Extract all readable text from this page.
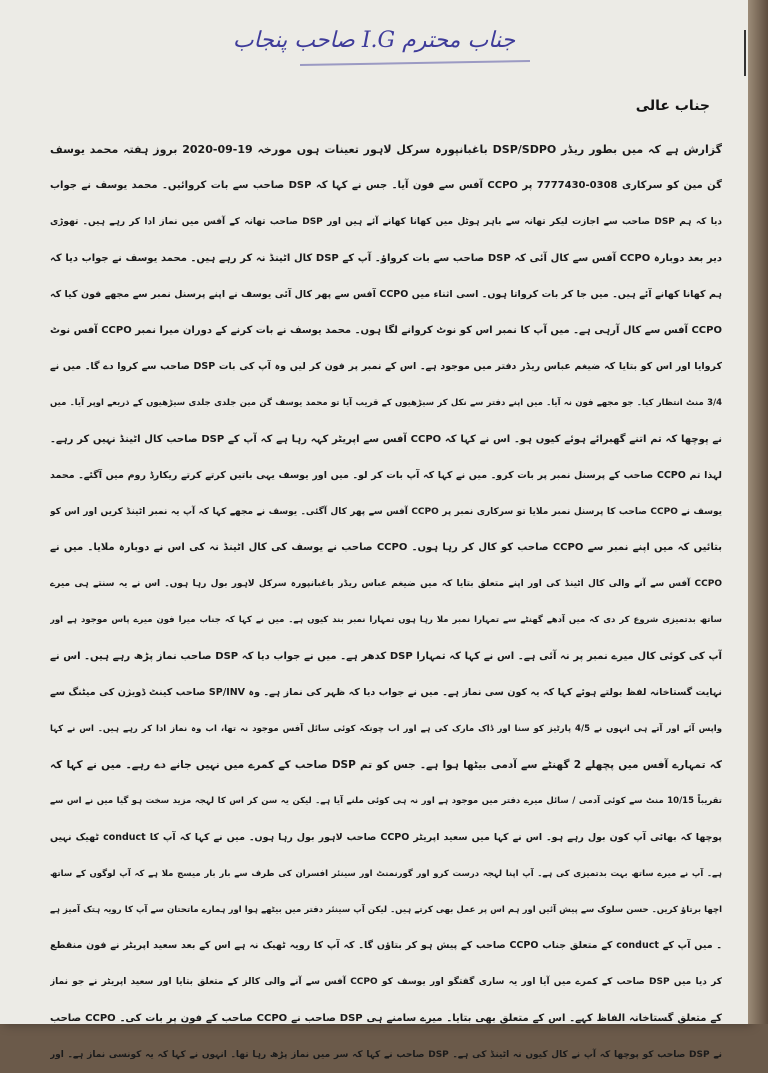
جناب محترم I.G صاحب پنجاب
جناب عالی
گزارش ہے کہ میں بطور ریڈر DSP/SDPO باغبانپورہ سرکل لاہور تعینات ہوں مورخہ 19-09-2020 بروز ہفتہ محمد یوسف
گن مین کو سرکاری 0308-7777430 پر CCPO آفس سے فون آیا۔ جس نے کہا کہ DSP صاحب سے بات کروائیں۔ محمد یوسف نے جواب
دیا کہ ہم DSP صاحب سے اجازت لیکر تھانہ سے باہر ہوٹل میں کھانا کھانے آئے ہیں اور DSP صاحب تھانہ کے آفس میں نماز ادا کر رہے ہیں۔ تھوڑی
دیر بعد دوبارہ CCPO آفس سے کال آئی کہ DSP صاحب سے بات کرواؤ۔ آپ کے DSP کال اٹینڈ نہ کر رہے ہیں۔ محمد یوسف نے جواب دیا کہ
ہم کھانا کھانے آئے ہیں۔ میں جا کر بات کرواتا ہوں۔ اسی اثناء میں CCPO آفس سے پھر کال آئی یوسف نے اپنے پرسنل نمبر سے مجھے فون کیا کہ
CCPO آفس سے کال آرہی ہے۔ میں آپ کا نمبر اس کو نوٹ کروانے لگا ہوں۔ محمد یوسف نے بات کرنے کے دوران میرا نمبر CCPO آفس نوٹ
کروایا اور اس کو بتایا کہ ضیغم عباس ریڈر دفتر میں موجود ہے۔ اس کے نمبر پر فون کر لیں وہ آپ کی بات DSP صاحب سے کروا دے گا۔ میں نے
3/4 منٹ انتظار کیا۔ جو مجھے فون نہ آیا۔ میں اپنے دفتر سے نکل کر سیڑھیوں کے قریب آیا تو محمد یوسف گن مین جلدی جلدی سیڑھیوں کے ذریعے اوپر آیا۔ میں
نے پوچھا کہ تم اتنے گھبرائے ہوئے کیوں ہو۔ اس نے کہا کہ CCPO آفس سے اپریٹر کہہ رہا ہے کہ آپ کے DSP صاحب کال اٹینڈ نہیں کر رہے۔
لہذا تم CCPO صاحب کے پرسنل نمبر پر بات کرو۔ میں نے کہا کہ آپ بات کر لو۔ میں اور یوسف یہی باتیں کرتے کرتے ریکارڈ روم میں آگئے۔ محمد
یوسف نے CCPO صاحب کا پرسنل نمبر ملایا تو سرکاری نمبر پر CCPO آفس سے پھر کال آگئی۔ یوسف نے مجھے کہا کہ آپ یہ نمبر اٹینڈ کریں اور اس کو
بتائیں کہ میں اپنے نمبر سے CCPO صاحب کو کال کر رہا ہوں۔ CCPO صاحب نے یوسف کی کال اٹینڈ نہ کی اس نے دوبارہ ملایا۔ میں نے
CCPO آفس سے آنے والی کال اٹینڈ کی اور اپنے متعلق بتایا کہ میں ضیغم عباس ریڈر باغبانپورہ سرکل لاہور بول رہا ہوں۔ اس نے یہ سنتے ہی میرے
ساتھ بدتمیزی شروع کر دی کہ میں آدھے گھنٹے سے تمہارا نمبر ملا رہا ہوں تمہارا نمبر بند کیوں ہے۔ میں نے کہا کہ جناب میرا فون میرے پاس موجود ہے اور
آپ کی کوئی کال میرے نمبر پر نہ آئی ہے۔ اس نے کہا کہ تمہارا DSP کدھر ہے۔ میں نے جواب دیا کہ DSP صاحب نماز پڑھ رہے ہیں۔ اس نے
نہایت گستاخانہ لفظ بولتے ہوئے کہا کہ یہ کون سی نماز ہے۔ میں نے جواب دیا کہ ظہر کی نماز ہے۔ وہ SP/INV صاحب کینٹ ڈویژن کی میٹنگ سے
واپس آئے اور آتے ہی انہوں نے 4/5 پارٹیز کو سنا اور ڈاک مارک کی ہے اور اب چونکہ کوئی سائل آفس موجود نہ تھا، اب وہ نماز ادا کر رہے ہیں۔ اس نے کہا
کہ تمہارے آفس میں پچھلے 2 گھنٹے سے آدمی بیٹھا ہوا ہے۔ جس کو تم DSP صاحب کے کمرے میں نہیں جانے دے رہے۔ میں نے کہا کہ
تقریباً 10/15 منٹ سے کوئی آدمی / سائل میرے دفتر میں موجود ہے اور نہ ہی کوئی ملنے آیا ہے۔ لیکن یہ سن کر اس کا لہجہ مزید سخت ہو گیا میں نے اس سے
پوچھا کہ بھائی آپ کون بول رہے ہو۔ اس نے کہا میں سعید اپریٹر CCPO صاحب لاہور بول رہا ہوں۔ میں نے کہا کہ آپ کا conduct ٹھیک نہیں
ہے۔ آپ نے میرے ساتھ بہت بدتمیزی کی ہے۔ آپ اپنا لہجہ درست کرو اور گورنمنٹ اور سینئر افسران کی طرف سے بار بار میسج ملا ہے کہ آپ لوگوں کے ساتھ
اچھا برتاؤ کریں۔ حسن سلوک سے پیش آئیں اور ہم اس پر عمل بھی کرتے ہیں۔ لیکن آپ سینئر دفتر میں بیٹھے ہوا اور ہمارے ماتحتان سے آپ کا رویہ ہتک آمیز ہے
۔ میں آپ کے conduct کے متعلق جناب CCPO صاحب کے پیش ہو کر بتاؤں گا۔ کہ آپ کا رویہ ٹھیک نہ ہے اس کے بعد سعید اپریٹر نے فون منقطع
کر دیا میں DSP صاحب کے کمرے میں آیا اور یہ ساری گفتگو اور یوسف کو CCPO آفس سے آنے والی کالز کے متعلق بتایا اور سعید اپریٹر نے جو نماز
کے متعلق گستاخانہ الفاظ کہے۔ اس کے متعلق بھی بتایا۔ میرے سامنے ہی DSP صاحب نے CCPO صاحب کے فون پر بات کی۔ CCPO صاحب
نے DSP صاحب کو پوچھا کہ آپ نے کال کیوں نہ اٹینڈ کی ہے۔ DSP صاحب نے کہا کہ سر میں نماز پڑھ رہا تھا۔ انہوں نے کہا کہ یہ کونسی نماز ہے۔ اور
